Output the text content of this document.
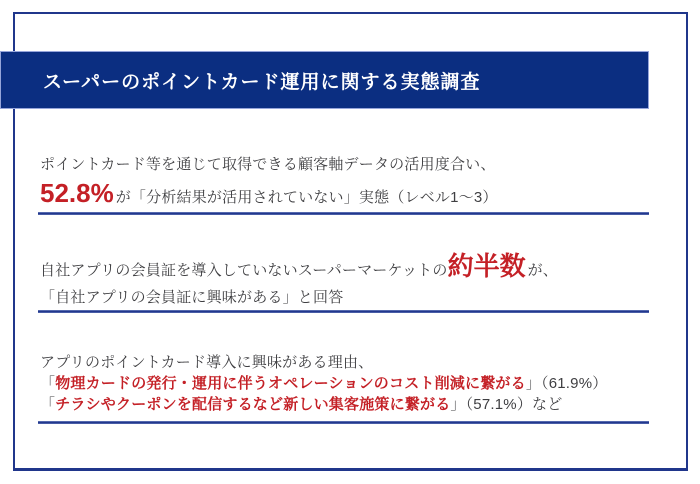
スーパーのポイントカード運用に関する実態調査

ポイントカード等を通じて取得できる顧客軸データの活用度合い、

52.8% が「分析結果が活用されていない」実態（レベル1～3）

自社アプリの会員証を導入していないスーパーマーケットの約半数 が、

「自社アプリの会員証に興味がある」と回答

アプリのポイントカード導入に興味がある理由、

「物理カードの発行・運用に伴うオペレーションのコスト削減に繋がる」（61.9%）

「チラシやクーポンを配信するなど新しい集客施策に繋がる」（57.1%）など
